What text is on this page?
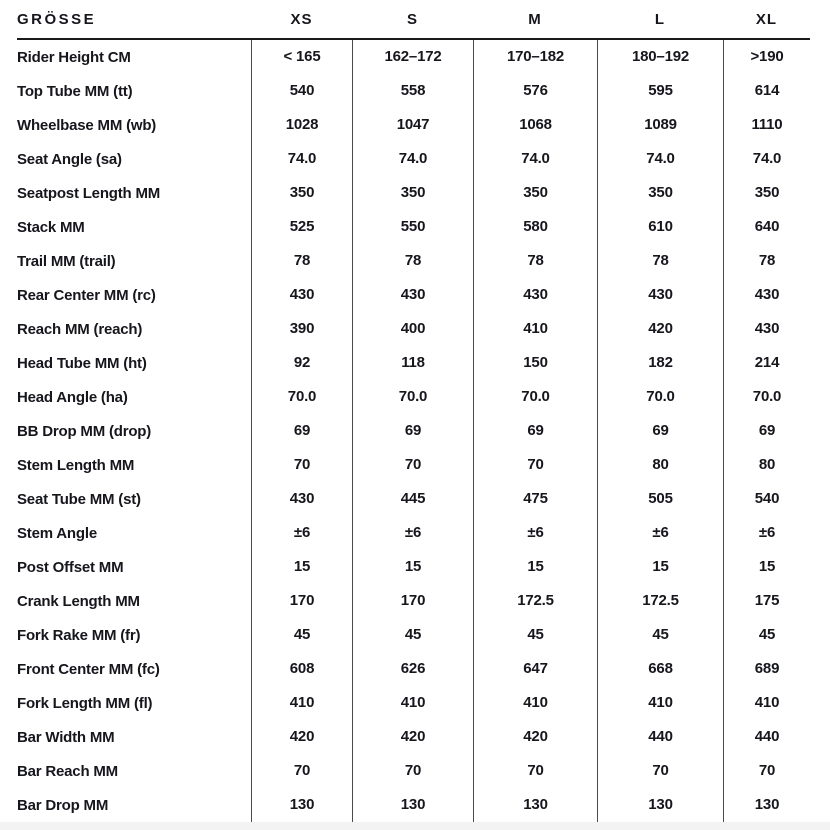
GRÖSSE	XS	S	M	L	XL
Rider Height CM	< 165	162–172	170–182	180–192	>190
Top Tube MM (tt)	540	558	576	595	614
Wheelbase MM (wb)	1028	1047	1068	1089	1110
Seat Angle (sa)	74.0	74.0	74.0	74.0	74.0
Seatpost Length MM	350	350	350	350	350
Stack MM	525	550	580	610	640
Trail MM (trail)	78	78	78	78	78
Rear Center MM (rc)	430	430	430	430	430
Reach MM (reach)	390	400	410	420	430
Head Tube MM (ht)	92	118	150	182	214
Head Angle (ha)	70.0	70.0	70.0	70.0	70.0
BB Drop MM (drop)	69	69	69	69	69
Stem Length MM	70	70	70	80	80
Seat Tube MM (st)	430	445	475	505	540
Stem Angle	±6	±6	±6	±6	±6
Post Offset MM	15	15	15	15	15
Crank Length MM	170	170	172.5	172.5	175
Fork Rake MM (fr)	45	45	45	45	45
Front Center MM (fc)	608	626	647	668	689
Fork Length MM (fl)	410	410	410	410	410
Bar Width MM	420	420	420	440	440
Bar Reach MM	70	70	70	70	70
Bar Drop MM	130	130	130	130	130
